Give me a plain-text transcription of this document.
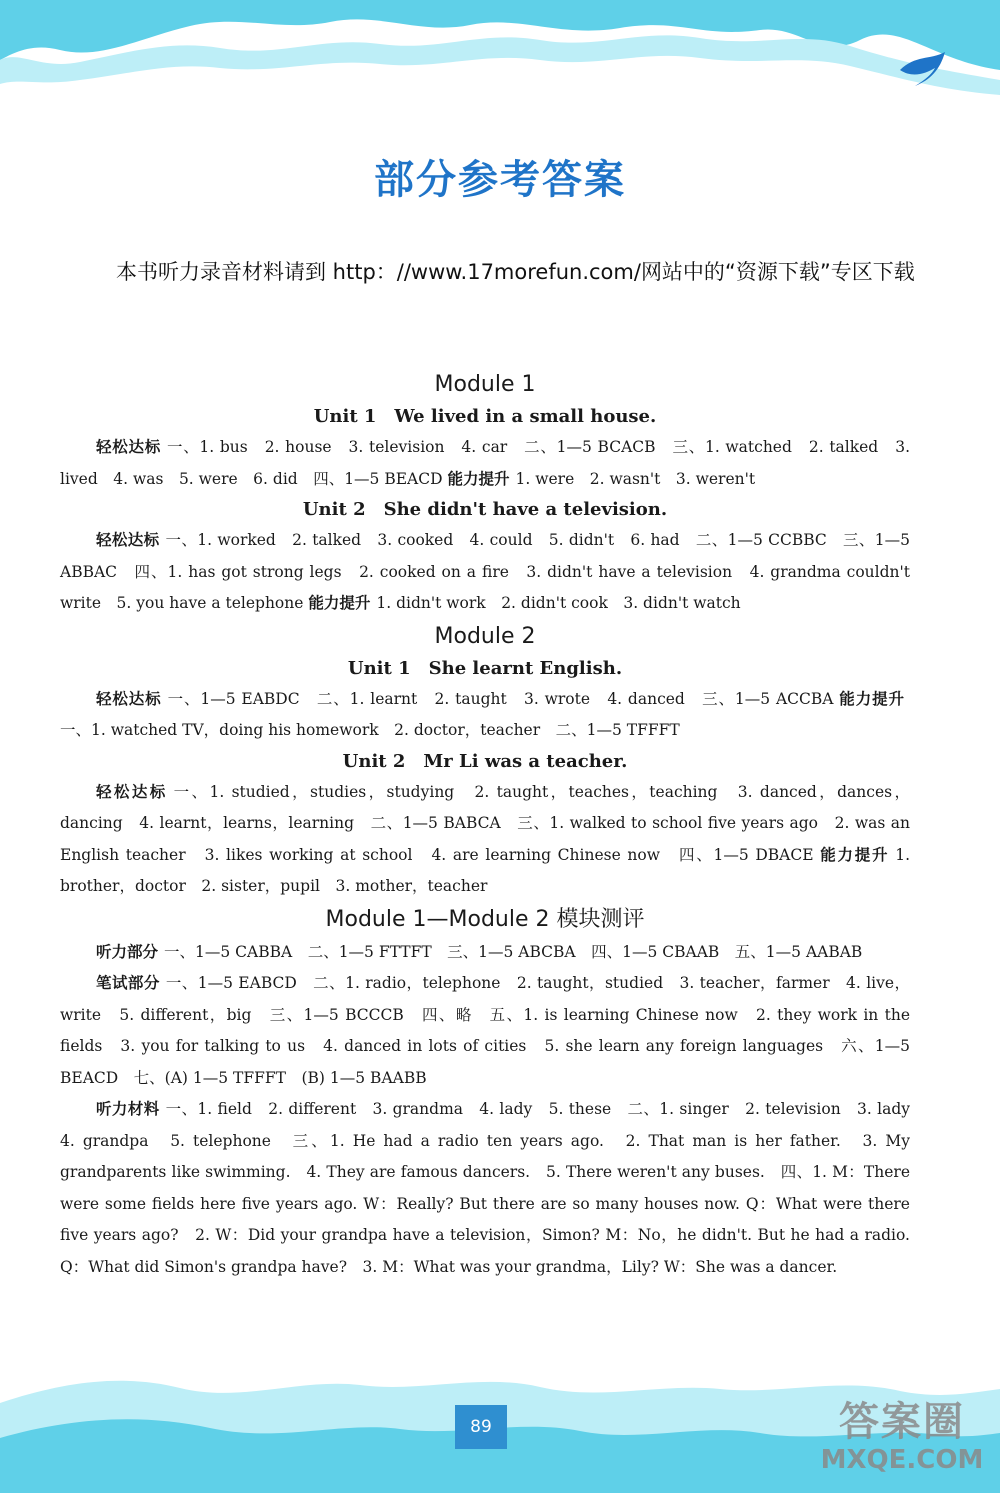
部分参考答案
本书听力录音材料请到 http：//www.17morefun.com/网站中的“资源下载”专区下载

Module 1

Unit 1　We lived in a small house.

轻松达标 一、1. bus　2. house　3. television　4. car　二、1—5 BCACB　三、1. watched　2. talked　3. lived　4. was　5. were　6. did　四、1—5 BEACD 能力提升 1. were　2. wasn't　3. weren't

Unit 2　She didn't have a television.

轻松达标 一、1. worked　2. talked　3. cooked　4. could　5. didn't　6. had　二、1—5 CCBBC　三、1—5 ABBAC　四、1. has got strong legs　2. cooked on a fire　3. didn't have a television　4. grandma couldn't write　5. you have a telephone 能力提升 1. didn't work　2. didn't cook　3. didn't watch

Module 2

Unit 1　She learnt English.

轻松达标 一、1—5 EABDC　二、1. learnt　2. taught　3. wrote　4. danced　三、1—5 ACCBA 能力提升一、1. watched TV，doing his homework　2. doctor，teacher　二、1—5 TFFFT

Unit 2　Mr Li was a teacher.

轻松达标 一、1. studied，studies，studying　2. taught，teaches，teaching　3. danced，dances，dancing　4. learnt，learns，learning　二、1—5 BABCA　三、1. walked to school five years ago　2. was an English teacher　3. likes working at school　4. are learning Chinese now　四、1—5 DBACE 能力提升 1. brother，doctor　2. sister，pupil　3. mother，teacher

Module 1—Module 2 模块测评

听力部分 一、1—5 CABBA　二、1—5 FTTFT　三、1—5 ABCBA　四、1—5 CBAAB　五、1—5 AABAB

笔试部分 一、1—5 EABCD　二、1. radio，telephone　2. taught，studied　3. teacher，farmer　4. live，write　5. different，big　三、1—5 BCCCB　四、略　五、1. is learning Chinese now　2. they work in the fields　3. you for talking to us　4. danced in lots of cities　5. she learn any foreign languages　六、1—5 BEACD　七、(A) 1—5 TFFFT　(B) 1—5 BAABB

听力材料 一、1. field　2. different　3. grandma　4. lady　5. these　二、1. singer　2. television　3. lady　4. grandpa　5. telephone　三、1. He had a radio ten years ago.　2. That man is her father.　3. My grandparents like swimming.　4. They are famous dancers.　5. There weren't any buses.　四、1. M：There were some fields here five years ago. W：Really? But there are so many houses now. Q：What were there five years ago?　2. W：Did your grandpa have a television，Simon? M：No，he didn't. But he had a radio. Q：What did Simon's grandpa have?　3. M：What was your grandma，Lily? W：She was a dancer.

89	答案圈
MXQE.COM
